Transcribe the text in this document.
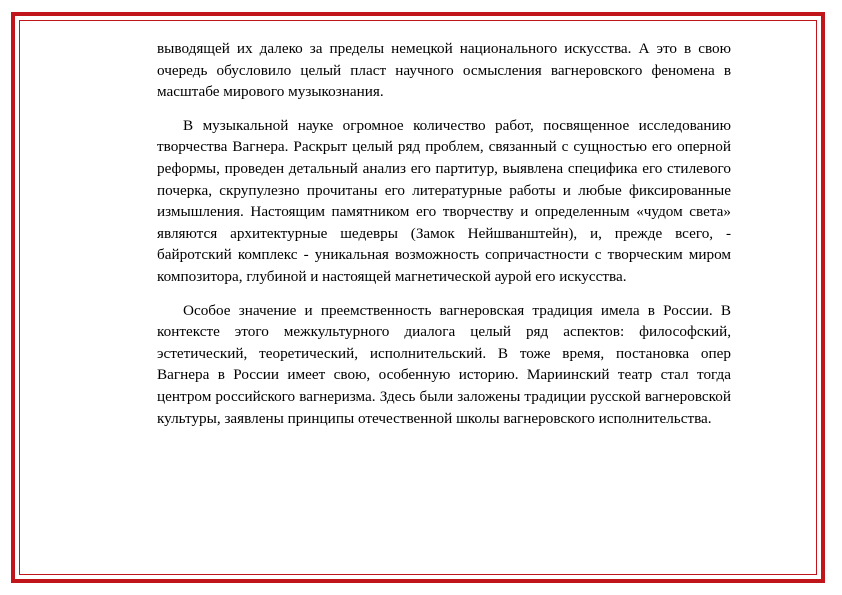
выводящей их далеко за пределы немецкой национального искусства. А это в свою очередь обусловило целый пласт научного осмысления вагнеровского феномена в масштабе мирового музыкознания.

В музыкальной науке огромное количество работ, посвященное исследованию творчества Вагнера. Раскрыт целый ряд проблем, связанный с сущностью его оперной реформы, проведен детальный анализ его партитур, выявлена специфика его стилевого почерка, скрупулезно прочитаны его литературные работы и любые фиксированные измышления. Настоящим памятником его творчеству и определенным «чудом света» являются архитектурные шедевры (Замок Нейшванштейн), и, прежде всего, - байротский комплекс - уникальная возможность сопричастности с творческим миром композитора, глубиной и настоящей магнетической аурой его искусства.

Особое значение и преемственность вагнеровская традиция имела в России. В контексте этого межкультурного диалога целый ряд аспектов: философский, эстетический, теоретический, исполнительский. В тоже время, постановка опер Вагнера в России имеет свою, особенную историю. Мариинский театр стал тогда центром российского вагнеризма. Здесь были заложены традиции русской вагнеровской культуры, заявлены принципы отечественной школы вагнеровского исполнительства.
